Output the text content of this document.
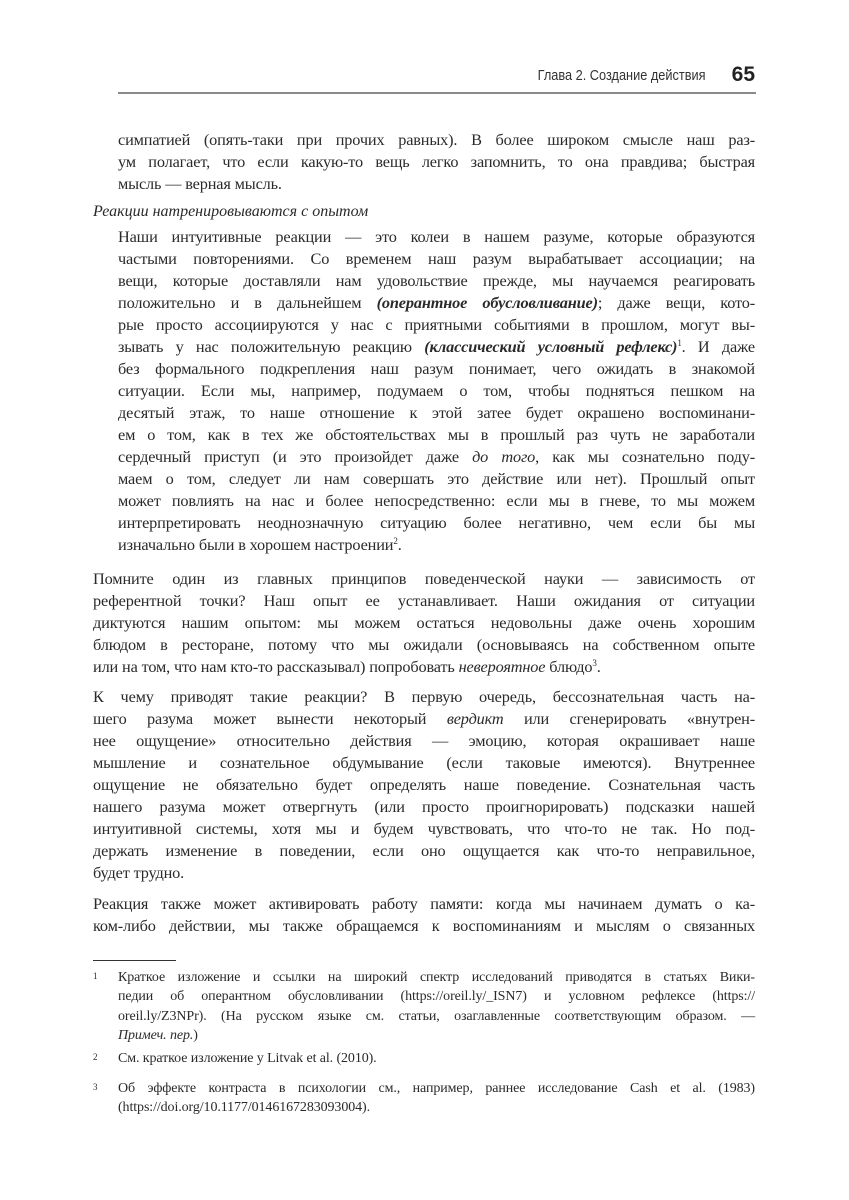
Глава 2. Создание действия 65
симпатией (опять-таки при прочих равных). В более широком смысле наш раз-
ум полагает, что если какую-то вещь легко запомнить, то она правдива; быстрая
мысль — верная мысль.
Реакции натренировываются с опытом
Наши интуитивные реакции — это колеи в нашем разуме, которые образуются
частыми повторениями. Со временем наш разум вырабатывает ассоциации; на
вещи, которые доставляли нам удовольствие прежде, мы научаемся реагировать
положительно и в дальнейшем (оперантное обусловливание); даже вещи, кото-
рые просто ассоциируются у нас с приятными событиями в прошлом, могут вы-
зывать у нас положительную реакцию (классический условный рефлекс)$^1$. И даже
без формального подкрепления наш разум понимает, чего ожидать в знакомой
ситуации. Если мы, например, подумаем о том, чтобы подняться пешком на
десятый этаж, то наше отношение к этой затее будет окрашено воспоминани-
ем о том, как в тех же обстоятельствах мы в прошлый раз чуть не заработали
сердечный приступ (и это произойдет даже до того, как мы сознательно поду-
маем о том, следует ли нам совершать это действие или нет). Прошлый опыт
может повлиять на нас и более непосредственно: если мы в гневе, то мы можем
интерпретировать неоднозначную ситуацию более негативно, чем если бы мы
изначально были в хорошем настроении$^2$.
Помните один из главных принципов поведенческой науки — зависимость от
референтной точки? Наш опыт ее устанавливает. Наши ожидания от ситуации
диктуются нашим опытом: мы можем остаться недовольны даже очень хорошим
блюдом в ресторане, потому что мы ожидали (основываясь на собственном опыте
или на том, что нам кто-то рассказывал) попробовать невероятное блюдо$^3$.
К чему приводят такие реакции? В первую очередь, бессознательная часть на-
шего разума может вынести некоторый вердикт или сгенерировать «внутрен-
нее ощущение» относительно действия — эмоцию, которая окрашивает наше
мышление и сознательное обдумывание (если таковые имеются). Внутреннее
ощущение не обязательно будет определять наше поведение. Сознательная часть
нашего разума может отвергнуть (или просто проигнорировать) подсказки нашей
интуитивной системы, хотя мы и будем чувствовать, что что-то не так. Но под-
держать изменение в поведении, если оно ощущается как что-то неправильное,
будет трудно.
Реакция также может активировать работу памяти: когда мы начинаем думать о ка-
ком-либо действии, мы также обращаемся к воспоминаниям и мыслям о связанных
1 Краткое изложение и ссылки на широкий спектр исследований приводятся в статьях Вики-
педии об оперантном обусловливании (https://oreil.ly/_ISN7) и условном рефлексе (https://
oreil.ly/Z3NPr). (На русском языке см. статьи, озаглавленные соответствующим образом. —
Примеч. пер.)
2 См. краткое изложение у Litvak et al. (2010).
3 Об эффекте контраста в психологии см., например, раннее исследование Cash et al. (1983)
(https://doi.org/10.1177/0146167283093004).
